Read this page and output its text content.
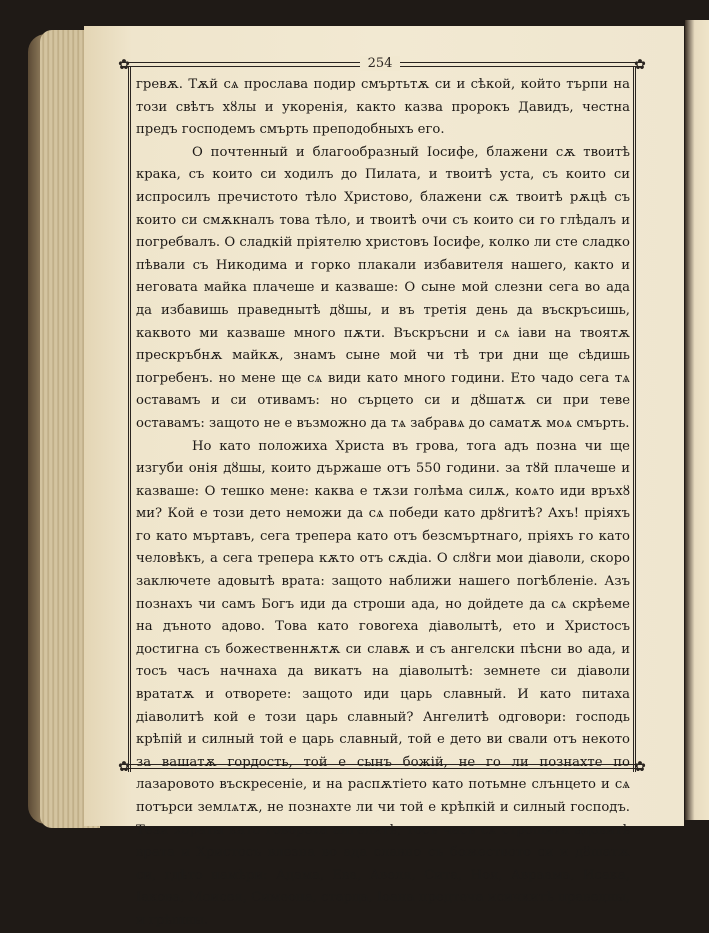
✿	✿
✿	✿
254

гревѫ. Тѫй сѧ прослава подир смъртьтѫ си и сѣкой, който търпи на този свѣтъ хȣлы и укоренія, както казва пророкъ Давидъ, честна предъ господемъ смърть преподобныхъ его.

О почтенный и благообразный Іосифе, блажени сѫ твоитѣ крака, съ които си ходилъ до Пилата, и твоитѣ уста, съ които си испросилъ пречистото тѣло Христово, блажени сѫ твоитѣ рѫцѣ съ които си смѫкналъ това тѣло, и твоитѣ очи съ които си го глѣдалъ и погребвалъ. О сладкій пріятелю христовъ Іосифе, колко ли сте сладко пѣвали съ Никодима и горко плакали избавителя нашего, както и неговата майка плачеше и казваше: О сыне мой слезни сега во ада да избавишь праведнытѣ дȣшы, и въ третія день да въскръсишь, каквото ми казваше много пѫти. Въскръсни и сѧ іави на твоятѫ прескръбнѫ майкѫ, знамъ сыне мой чи тѣ три дни ще сѣдишь погребенъ. но мене ще сѧ види като много години. Ето чадо сега тѧ оставамъ и си отивамъ: но сърцето си и дȣшатѫ си при теве оставамъ: защото не е възможно да тѧ забравѧ до саматѫ моѧ смърть.

Но като положиха Христа въ грова, тога адъ позна чи ще изгуби онія дȣшы, които държаше отъ 550 години. за тȣй плачеше и казваше: О тешко мене: каква е тѫзи голѣма силѫ, коѧто иди връхȣ ми? Кой е този дето неможи да сѧ победи като дрȣгитѣ? Ахъ! пріяхъ го като мъртавъ, сега трепера като отъ безсмъртнаго, пріяхъ го като человѣкъ, а сега трепера кѫто отъ сѫдіа. О слȣги мои діаволи, скоро заключете адовытѣ врата: защото наближи нашего погѣбленіе. Азъ познахъ чи самъ Богъ иди да строши ада, но дойдете да сѧ скрѣеме на дъното адово. Това като говоreха діаволытѣ, ето и Христосъ достигна съ божественнѫтѫ си славѫ и съ ангелски пѣсни во ада, и тосъ часъ начнаха да викатъ на діаволытѣ: земнете си діаволи врататѫ и отворете: защото иди царь славный. И като питаха діаволитѣ кой е този царь славный? Ангелитѣ одговори: господь крѣпій и силный той е царь славный, той е дето ви свали отъ некото за вашатѫ гордость, той е сынъ божій, не го ли познахте по лазаровото въскресеніе, и на распѫтіето като потьмне слънцето и сѧ потърси землѧтѫ, не познахте ли чи той е крѣпкій и силный господъ. Тези хораты като говореха ангелитѣ, тосъ часъ сѧ строшиха адовитѣ врата и Христосъ влезна во ада славно съ божеството си и дȣшатѫ си, гдѣто намѣри: Адама, Ева, Авеля, Сита, Ноя, Авраама, Исака, Іакова, Моисея, Симеона, старца, Іоана предтеча исичкитѣ праведны, и грѣшны.
